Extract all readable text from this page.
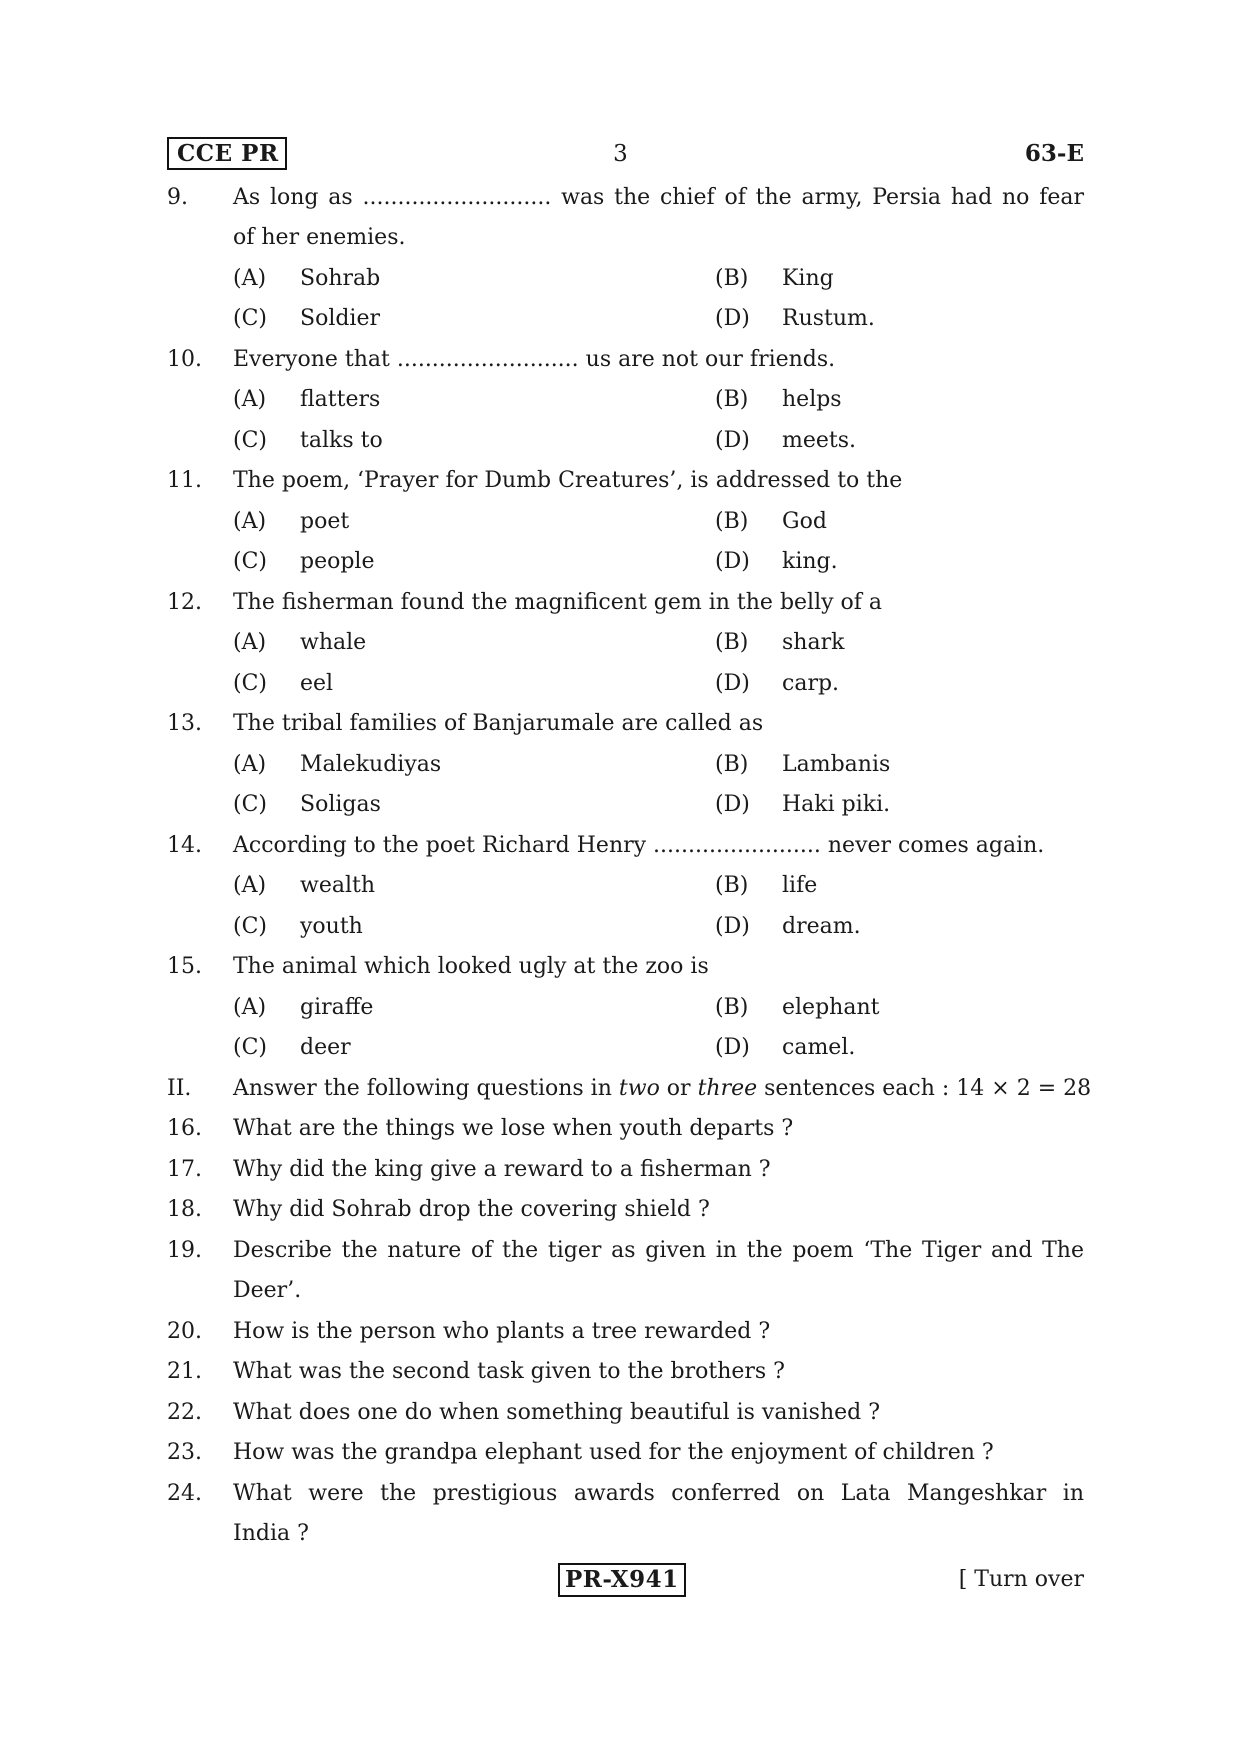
CCE PR	3	63-E
9.	As long as ........................... was the chief of the army, Persia had no fear
of her enemies.
(A)	Sohrab	(B)	King
(C)	Soldier	(D)	Rustum.
10.	Everyone that .......................... us are not our friends.
(A)	flatters	(B)	helps
(C)	talks to	(D)	meets.
11.	The poem, ‘Prayer for Dumb Creatures’, is addressed to the
(A)	poet	(B)	God
(C)	people	(D)	king.
12.	The fisherman found the magnificent gem in the belly of a
(A)	whale	(B)	shark
(C)	eel	(D)	carp.
13.	The tribal families of Banjarumale are called as
(A)	Malekudiyas	(B)	Lambanis
(C)	Soligas	(D)	Haki piki.
14.	According to the poet Richard Henry ........................ never comes again.
(A)	wealth	(B)	life
(C)	youth	(D)	dream.
15.	The animal which looked ugly at the zoo is
(A)	giraffe	(B)	elephant
(C)	deer	(D)	camel.
II.	Answer the following questions in two or three sentences each : 14 × 2 = 28
16.	What are the things we lose when youth departs ?
17.	Why did the king give a reward to a fisherman ?
18.	Why did Sohrab drop the covering shield ?
19.	Describe the nature of the tiger as given in the poem ‘The Tiger and The
Deer’.
20.	How is the person who plants a tree rewarded ?
21.	What was the second task given to the brothers ?
22.	What does one do when something beautiful is vanished ?
23.	How was the grandpa elephant used for the enjoyment of children ?
24.	What were the prestigious awards conferred on Lata Mangeshkar in
India ?
PR-X941	[ Turn over
